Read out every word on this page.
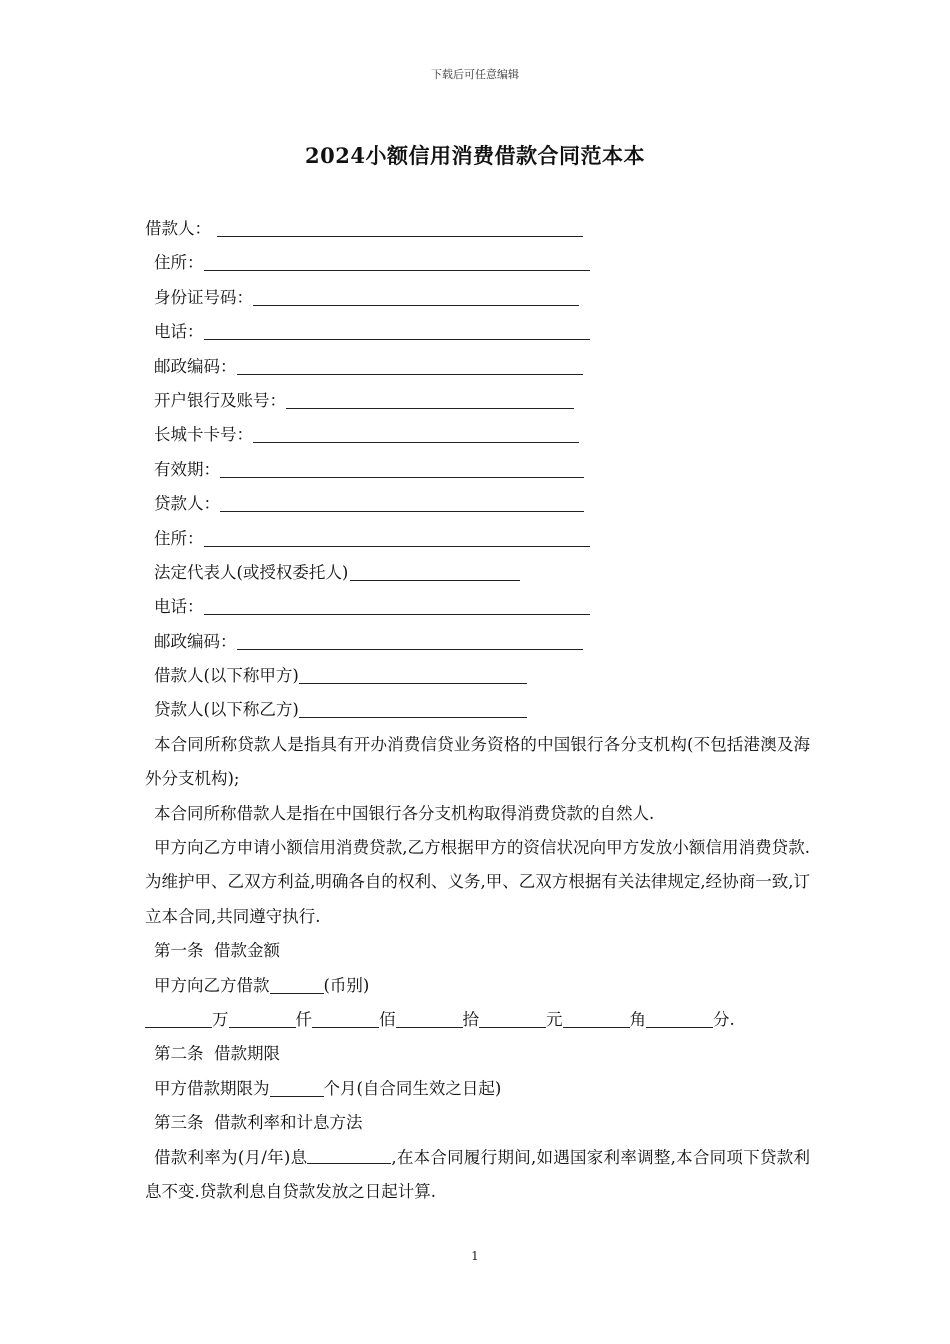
下载后可任意编辑
2024小额信用消费借款合同范本本
借款人：
住所：
身份证号码：
电话：
邮政编码：
开户银行及账号：
长城卡卡号：
有效期：
贷款人：
住所：
法定代表人(或授权委托人)
电话：
邮政编码：
借款人(以下称甲方)
贷款人(以下称乙方)

本合同所称贷款人是指具有开办消费信贷业务资格的中国银行各分支机构(不包括港澳及海外分支机构);

本合同所称借款人是指在中国银行各分支机构取得消费贷款的自然人.

甲方向乙方申请小额信用消费贷款,乙方根据甲方的资信状况向甲方发放小额信用消费贷款.为维护甲、乙双方利益,明确各自的权利、义务,甲、乙双方根据有关法律规定,经协商一致,订立本合同,共同遵守执行.

第一条  借款金额
甲方向乙方借款	(币别)
万	仟	佰	拾	元	角	分.
第二条  借款期限
甲方借款期限为	个月(自合同生效之日起)
第三条  借款利率和计息方法

借款利率为(月/年)息	,在本合同履行期间,如遇国家利率调整,本合同项下贷款利息不变.贷款利息自贷款发放之日起计算.

1
